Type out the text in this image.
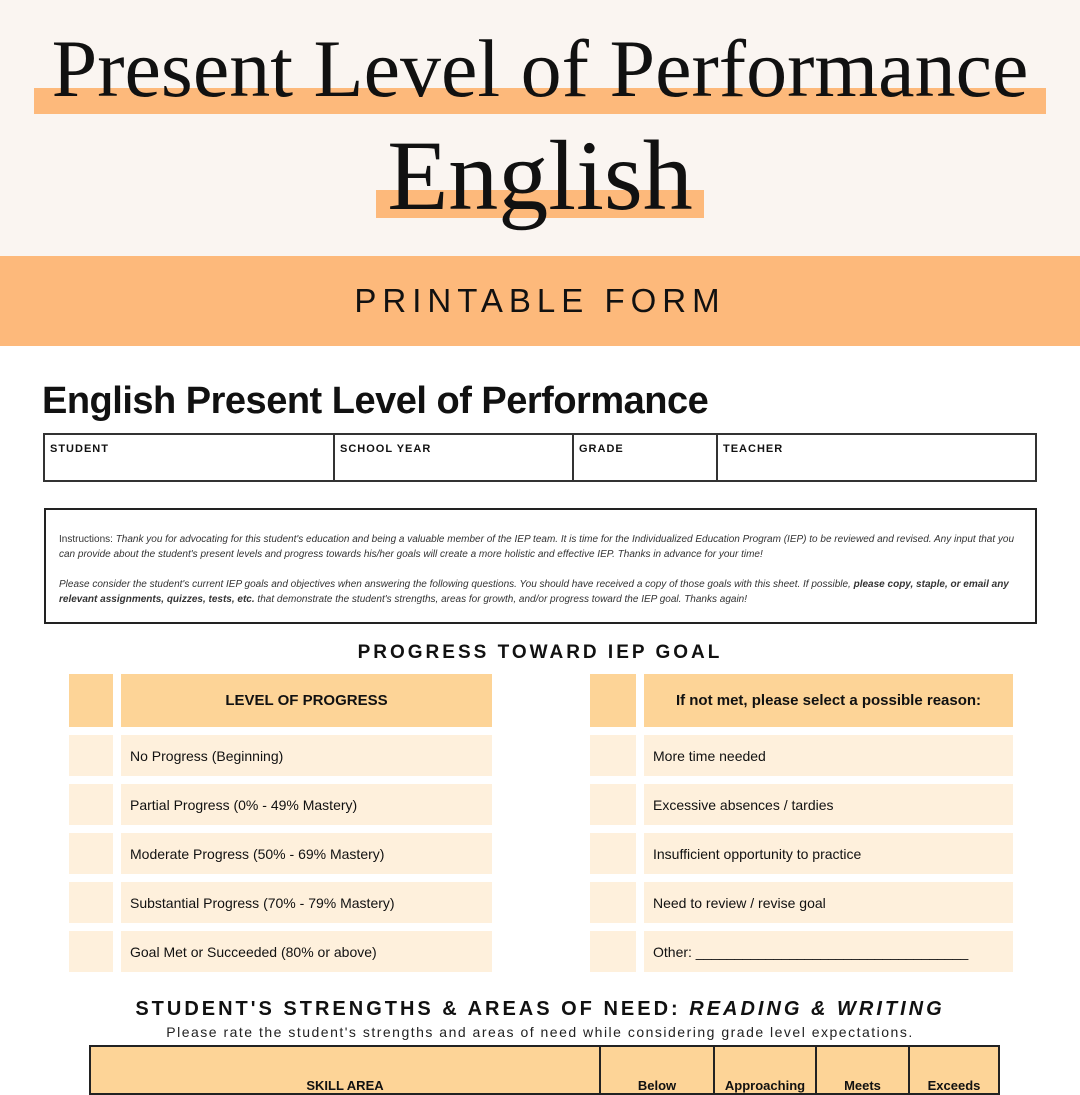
Present Level of Performance
English
PRINTABLE FORM
English Present Level of Performance
STUDENT	SCHOOL YEAR	GRADE	TEACHER

Instructions: Thank you for advocating for this student's education and being a valuable member of the IEP team. It is time for the Individualized Education Program (IEP) to be reviewed and revised. Any input that you can provide about the student's present levels and progress towards his/her goals will create a more holistic and effective IEP. Thanks in advance for your time!

Please consider the student's current IEP goals and objectives when answering the following questions. You should have received a copy of those goals with this sheet. If possible, please copy, staple, or email any relevant assignments, quizzes, tests, etc. that demonstrate the student's strengths, areas for growth, and/or progress toward the IEP goal. Thanks again!

PROGRESS TOWARD IEP GOAL
LEVEL OF PROGRESS	If not met, please select a possible reason:
No Progress (Beginning)	More time needed
Partial Progress (0% - 49% Mastery)	Excessive absences / tardies
Moderate Progress (50% - 69% Mastery)	Insufficient opportunity to practice
Substantial Progress (70% - 79% Mastery)	Need to review / revise goal
Goal Met or Succeeded (80% or above)	Other: ___________________________________
STUDENT'S STRENGTHS & AREAS OF NEED: READING & WRITING
Please rate the student's strengths and areas of need while considering grade level expectations.
SKILL AREA	Below	Approaching	Meets	Exceeds
